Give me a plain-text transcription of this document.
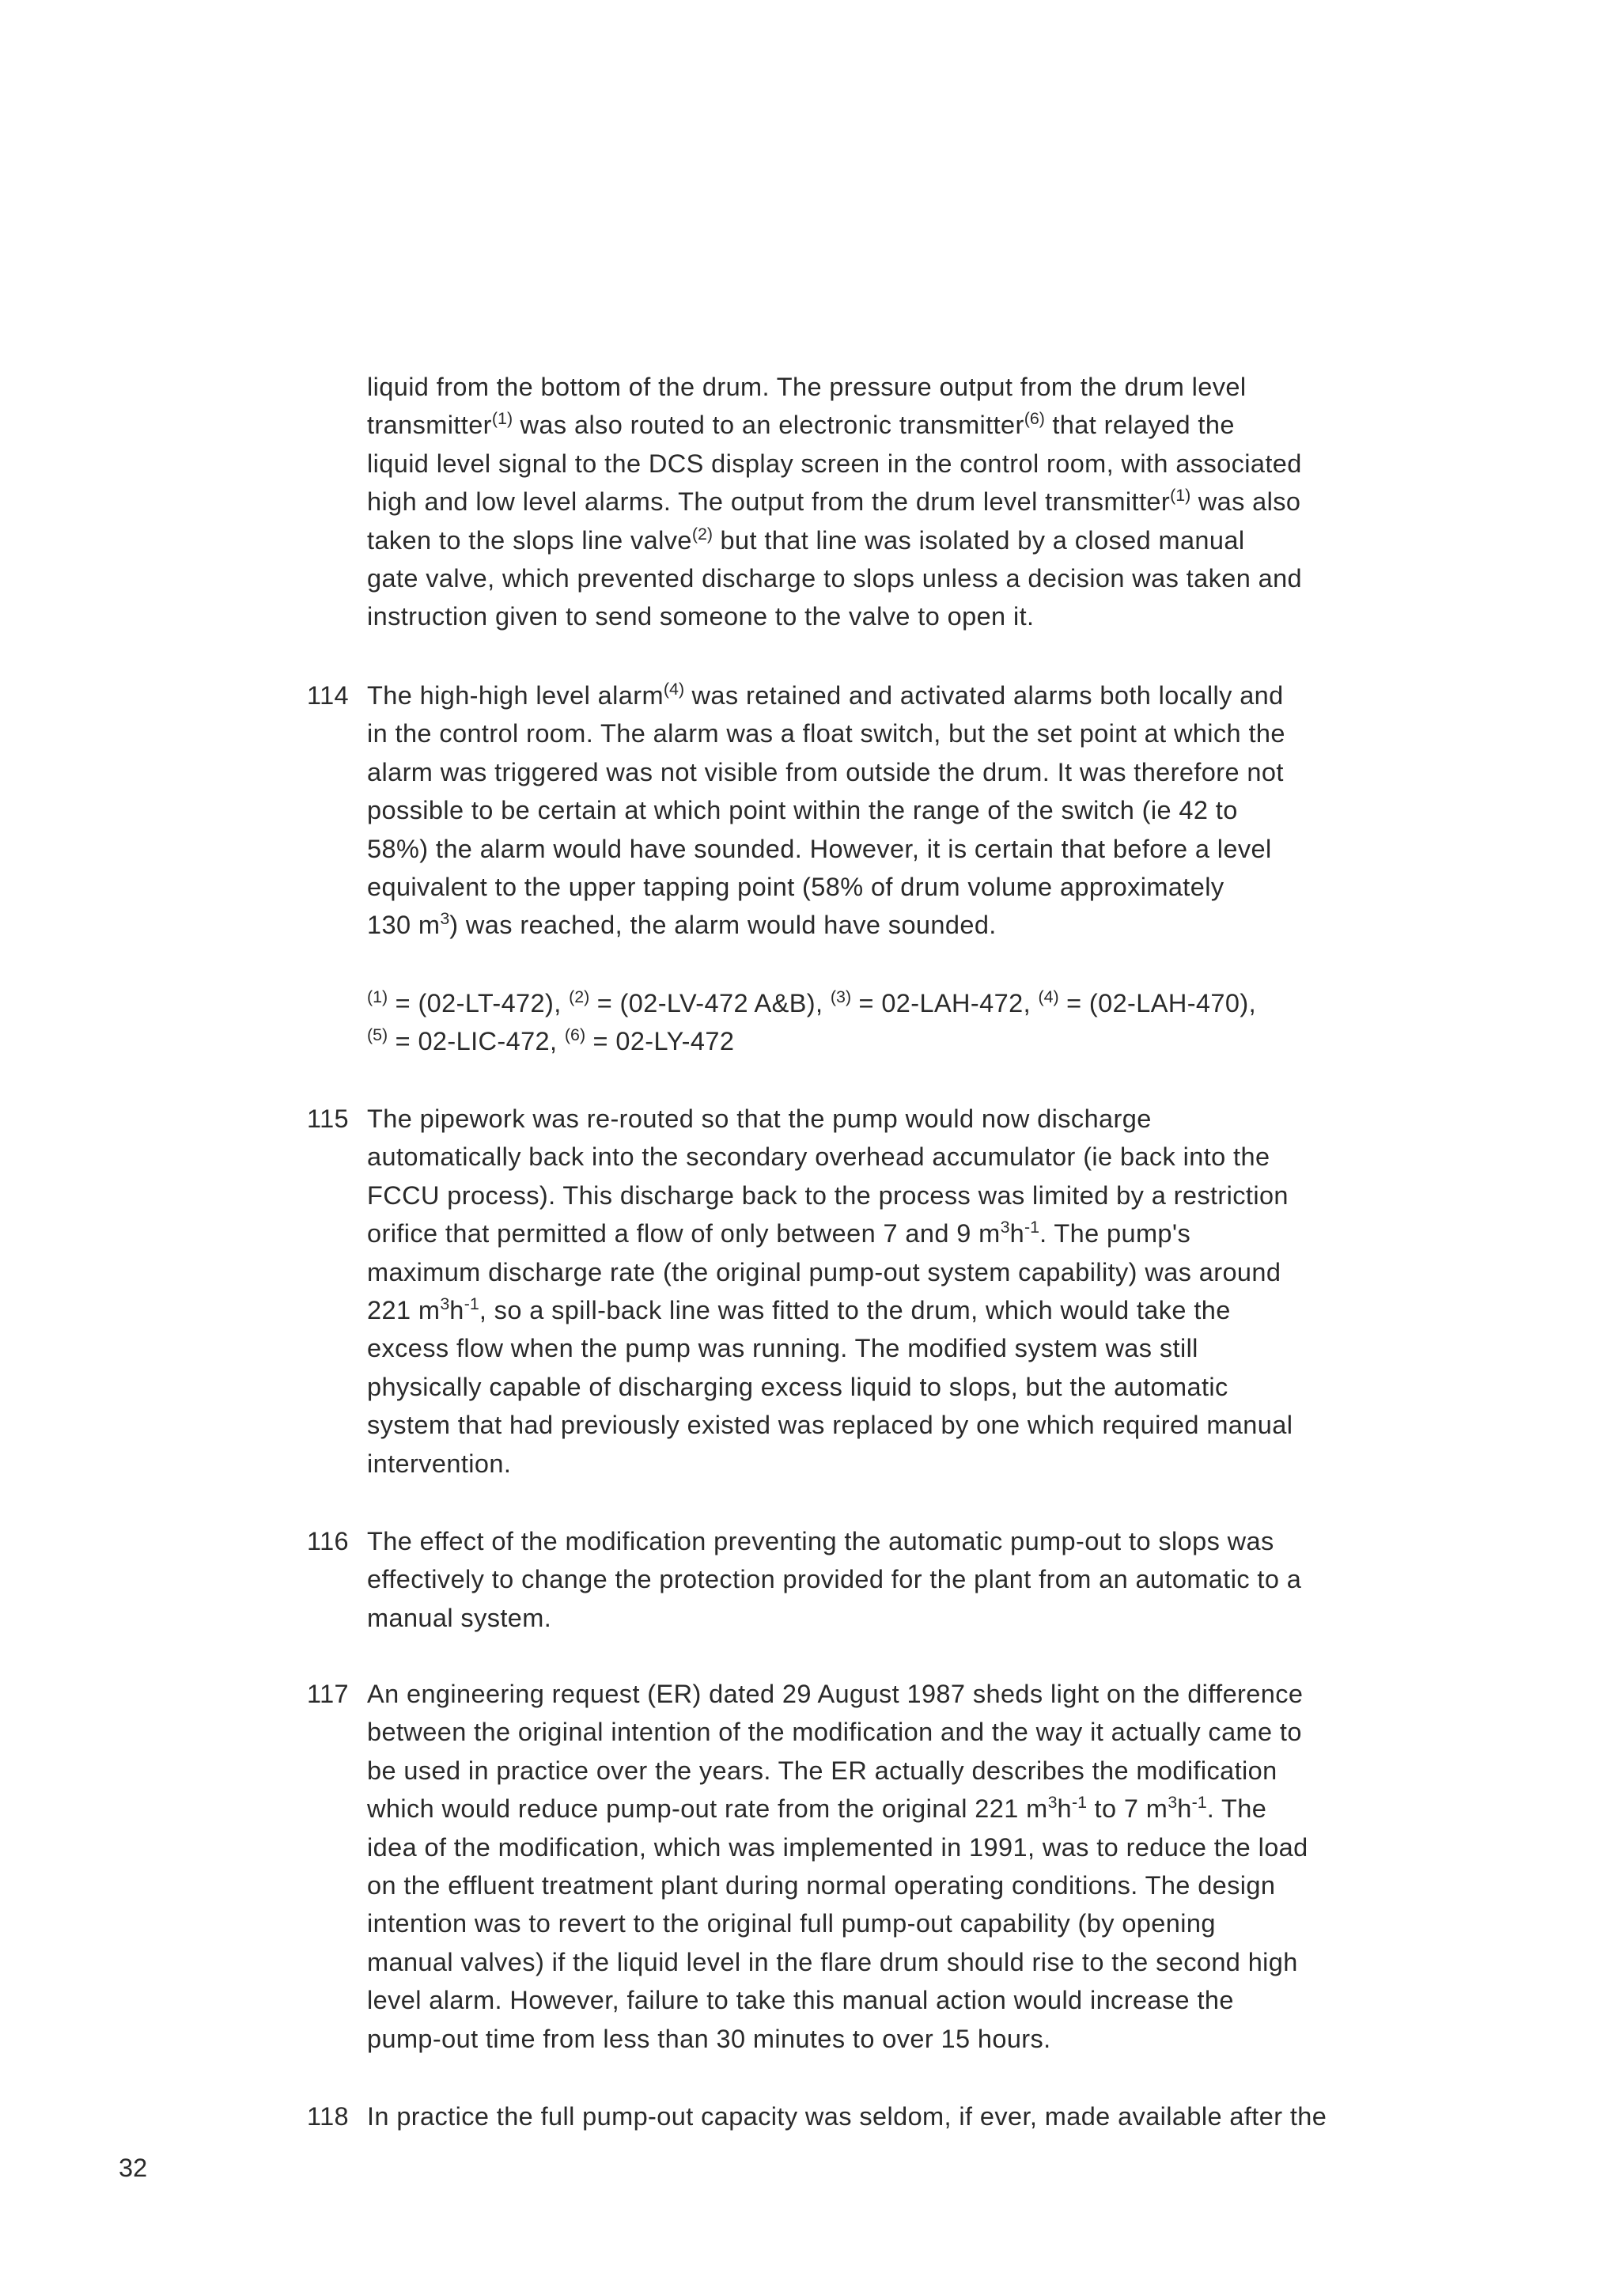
liquid from the bottom of the drum. The pressure output from the drum level
transmitter$^{(1)}$ was also routed to an electronic transmitter$^{(6)}$ that relayed the
liquid level signal to the DCS display screen in the control room, with associated
high and low level alarms. The output from the drum level transmitter$^{(1)}$ was also
taken to the slops line valve$^{(2)}$ but that line was isolated by a closed manual
gate valve, which prevented discharge to slops unless a decision was taken and
instruction given to send someone to the valve to open it.
114 The high-high level alarm$^{(4)}$ was retained and activated alarms both locally and
in the control room. The alarm was a float switch, but the set point at which the
alarm was triggered was not visible from outside the drum. It was therefore not
possible to be certain at which point within the range of the switch (ie 42 to
58%) the alarm would have sounded. However, it is certain that before a level
equivalent to the upper tapping point (58% of drum volume approximately
130 $m^3$) was reached, the alarm would have sounded.
$^{(1)}$ = (02-LT-472), $^{(2)}$ = (02-LV-472 A&B), $^{(3)}$ = 02-LAH-472, $^{(4)}$ = (02-LAH-470),
$^{(5)}$ = 02-LIC-472, $^{(6)}$ = 02-LY-472
115 The pipework was re-routed so that the pump would now discharge
automatically back into the secondary overhead accumulator (ie back into the
FCCU process). This discharge back to the process was limited by a restriction
orifice that permitted a flow of only between 7 and 9 $m^3h^{-1}$. The pump's
maximum discharge rate (the original pump-out system capability) was around
221 $m^3h^{-1}$, so a spill-back line was fitted to the drum, which would take the
excess flow when the pump was running. The modified system was still
physically capable of discharging excess liquid to slops, but the automatic
system that had previously existed was replaced by one which required manual
intervention.
116 The effect of the modification preventing the automatic pump-out to slops was
effectively to change the protection provided for the plant from an automatic to a
manual system.
117 An engineering request (ER) dated 29 August 1987 sheds light on the difference
between the original intention of the modification and the way it actually came to
be used in practice over the years. The ER actually describes the modification
which would reduce pump-out rate from the original 221 $m^3h^{-1}$ to 7 $m^3h^{-1}$. The
idea of the modification, which was implemented in 1991, was to reduce the load
on the effluent treatment plant during normal operating conditions. The design
intention was to revert to the original full pump-out capability (by opening
manual valves) if the liquid level in the flare drum should rise to the second high
level alarm. However, failure to take this manual action would increase the
pump-out time from less than 30 minutes to over 15 hours.
118 In practice the full pump-out capacity was seldom, if ever, made available after the
32
